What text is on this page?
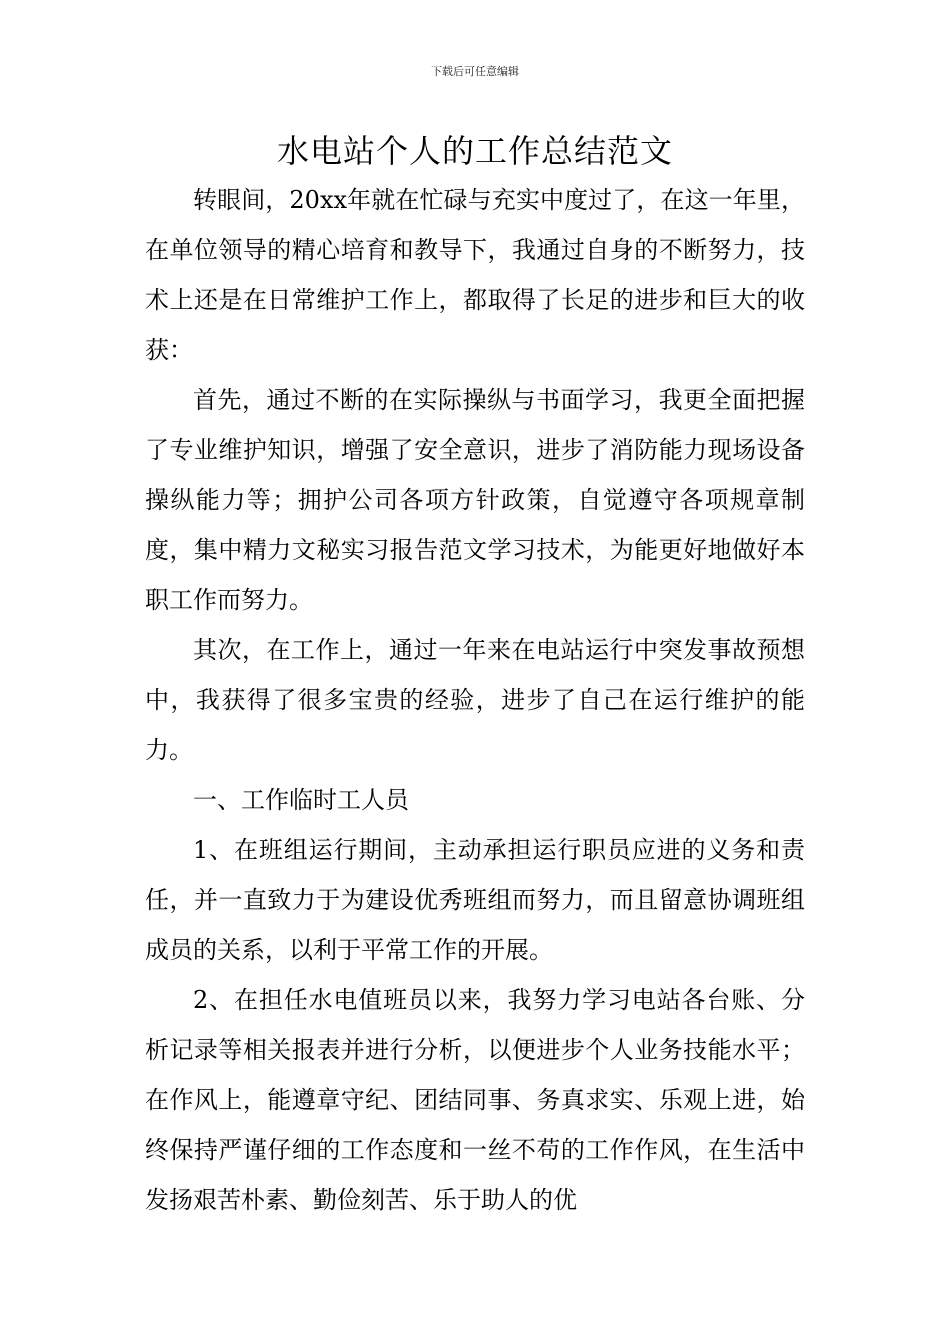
下载后可任意编辑
水电站个人的工作总结范文

转眼间，20xx年就在忙碌与充实中度过了，在这一年里，在单位领导的精心培育和教导下，我通过自身的不断努力，技术上还是在日常维护工作上，都取得了长足的进步和巨大的收获：

首先，通过不断的在实际操纵与书面学习，我更全面把握了专业维护知识，增强了安全意识，进步了消防能力现场设备操纵能力等；拥护公司各项方针政策，自觉遵守各项规章制度，集中精力文秘实习报告范文学习技术，为能更好地做好本职工作而努力。

其次，在工作上，通过一年来在电站运行中突发事故预想中，我获得了很多宝贵的经验，进步了自己在运行维护的能力。

一、工作临时工人员

1、在班组运行期间，主动承担运行职员应进的义务和责任，并一直致力于为建设优秀班组而努力，而且留意协调班组成员的关系，以利于平常工作的开展。

2、在担任水电值班员以来，我努力学习电站各台账、分析记录等相关报表并进行分析，以便进步个人业务技能水平；在作风上，能遵章守纪、团结同事、务真求实、乐观上进，始终保持严谨仔细的工作态度和一丝不苟的工作作风，在生活中发扬艰苦朴素、勤俭刻苦、乐于助人的优
